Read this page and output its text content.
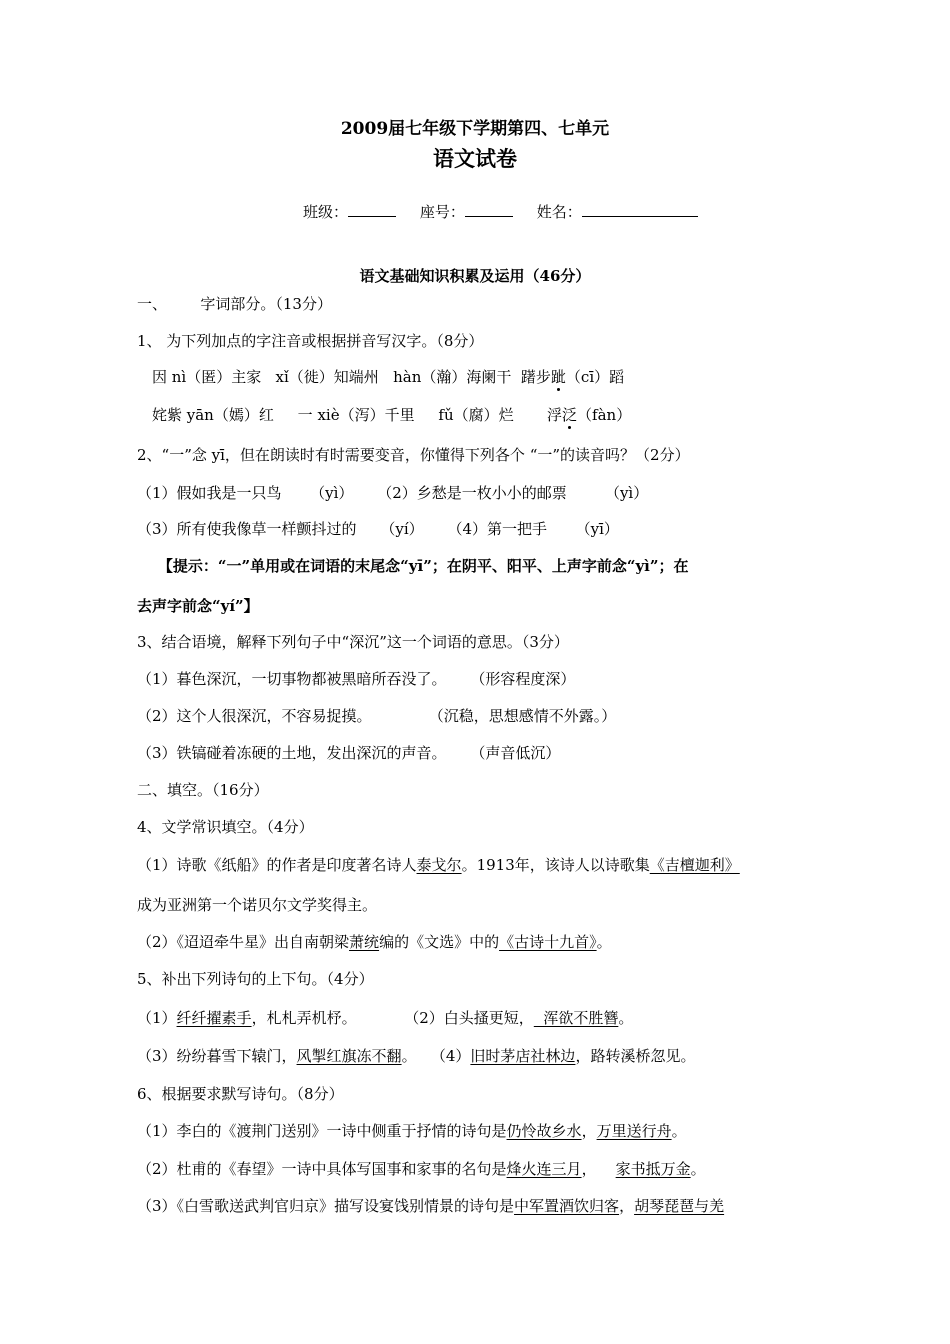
2009届七年级下学期第四、七单元
语文试卷
班级：	座号：	姓名：
语文基础知识积累及运用（46分）
一、       字词部分。（13分）
1、 为下列加点的字注音或根据拼音写汉字。（8分）
因 nì（匿）主家   xǐ（徙）知端州   hàn（瀚）海阑干  躇步跐（cī）蹈
姹紫 yān（嫣）红     一 xiè（泻）千里     fǔ（腐）烂       浮泛（fàn）
2、“一”念 yī，但在朗读时有时需要变音，你懂得下列各个 “一”的读音吗？（2分）
（1）假如我是一只鸟      （yì）     （2）乡愁是一枚小小的邮票        （yì）
（3）所有使我像草一样颤抖过的     （yí）     （4）第一把手      （yī）
【提示：“一”单用或在词语的末尾念“yī”；在阴平、阳平、上声字前念“yì”；在
去声字前念“yí”】
3、结合语境，解释下列句子中“深沉”这一个词语的意思。（3分）
（1）暮色深沉，一切事物都被黑暗所吞没了。     （形容程度深）
（2）这个人很深沉，不容易捉摸。            （沉稳，思想感情不外露。）
（3）铁镐碰着冻硬的土地，发出深沉的声音。     （声音低沉）
二、填空。（16分）
4、文学常识填空。（4分）
（1）诗歌《纸船》的作者是印度著名诗人泰戈尔。1913年，该诗人以诗歌集《吉檀迦利》
成为亚洲第一个诺贝尔文学奖得主。
（2）《迢迢牵牛星》出自南朝梁萧统编的《文选》中的《古诗十九首》。
5、补出下列诗句的上下句。（4分）
（1）纤纤擢素手，札札弄机杼。          （2）白头搔更短，  浑欲不胜簪。
（3）纷纷暮雪下辕门，风掣红旗冻不翻。   （4）旧时茅店社林边，路转溪桥忽见。
6、根据要求默写诗句。（8分）
（1）李白的《渡荆门送别》一诗中侧重于抒情的诗句是仍怜故乡水，万里送行舟。
（2）杜甫的《春望》一诗中具体写国事和家事的名句是烽火连三月，    家书抵万金。
（3）《白雪歌送武判官归京》描写设宴饯别情景的诗句是中军置酒饮归客，胡琴琵琶与羌
